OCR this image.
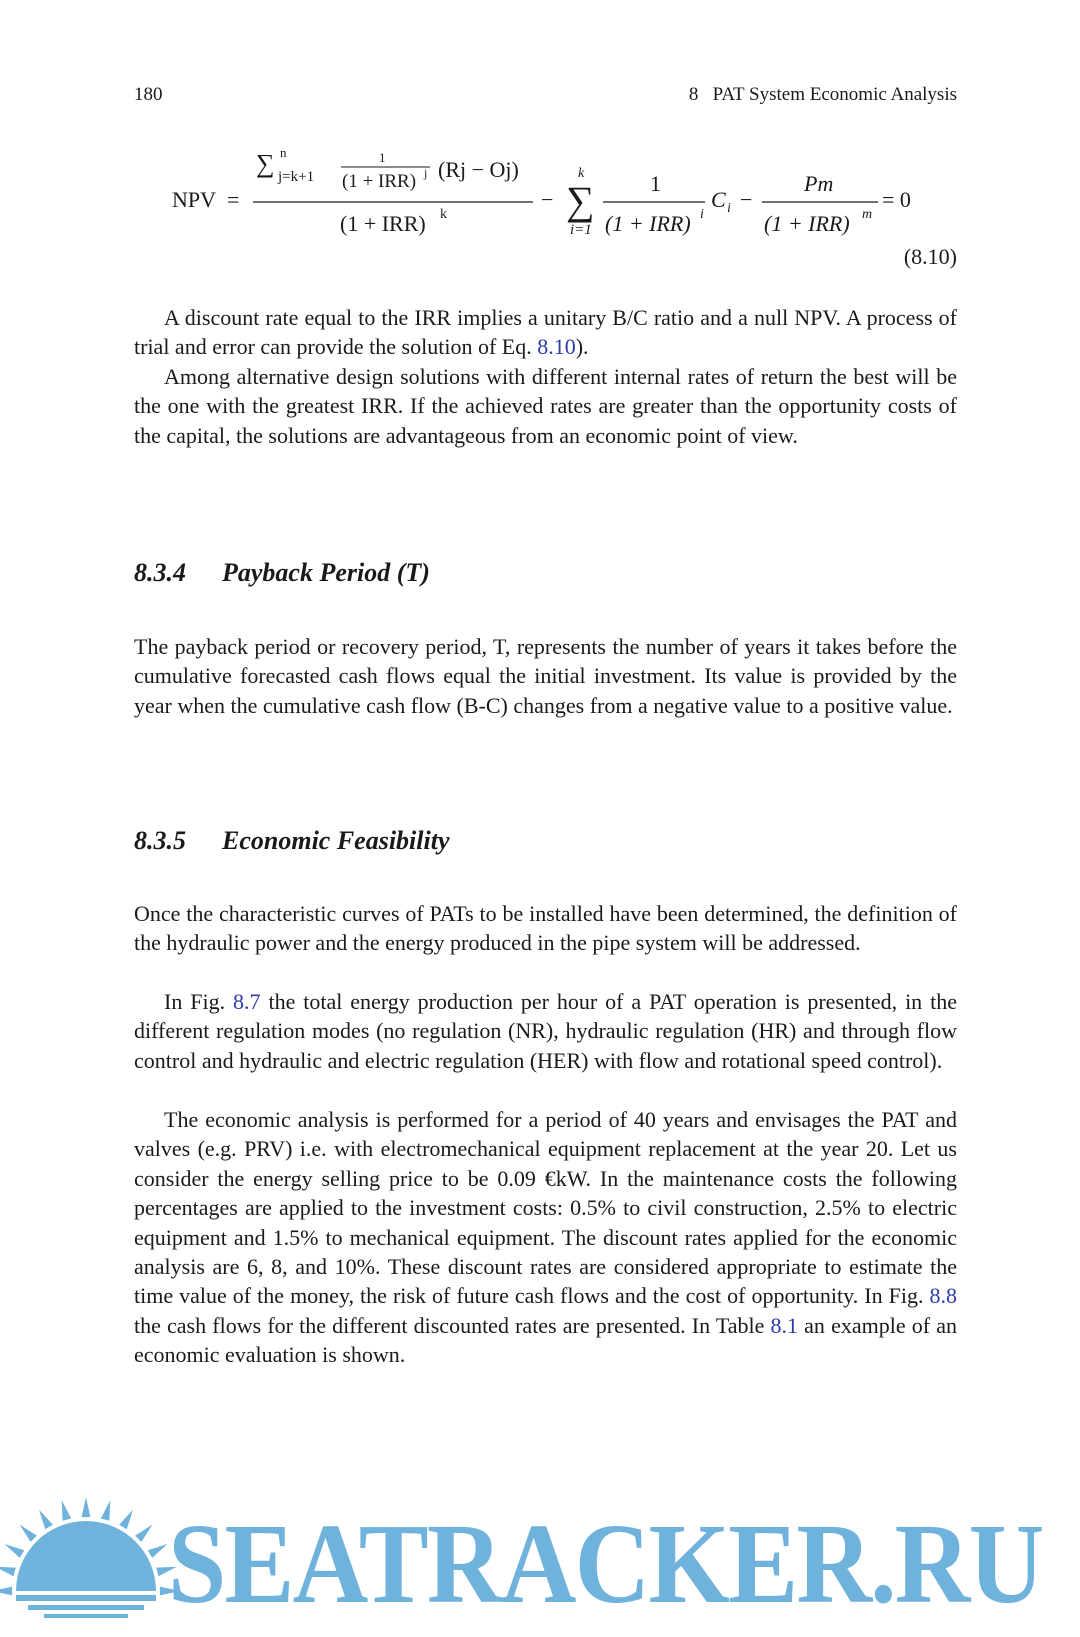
180	8   PAT System Economic Analysis
NPV =
∑ n
j=k+1
1
(1 + IRR) j (Rj − Oj)
(1 + IRR) k
− ∑
k
i=1
1
(1 + IRR) i
C i −
Pm
(1 + IRR) m
= 0
(8.10)

A discount rate equal to the IRR implies a unitary B/C ratio and a null NPV. A process of trial and error can provide the solution of Eq. 8.10).

Among alternative design solutions with different internal rates of return the best will be the one with the greatest IRR. If the achieved rates are greater than the opportunity costs of the capital, the solutions are advantageous from an economic point of view.

8.3.4 Payback Period (T)

The payback period or recovery period, T, represents the number of years it takes before the cumulative forecasted cash flows equal the initial investment. Its value is provided by the year when the cumulative cash flow (B-C) changes from a negative value to a positive value.

8.3.5 Economic Feasibility

Once the characteristic curves of PATs to be installed have been determined, the definition of the hydraulic power and the energy produced in the pipe system will be addressed.

In Fig. 8.7 the total energy production per hour of a PAT operation is presented, in the different regulation modes (no regulation (NR), hydraulic regulation (HR) and through flow control and hydraulic and electric regulation (HER) with flow and rotational speed control).

The economic analysis is performed for a period of 40 years and envisages the PAT and valves (e.g. PRV) i.e. with electromechanical equipment replacement at the year 20. Let us consider the energy selling price to be 0.09 €kW. In the maintenance costs the following percentages are applied to the investment costs: 0.5% to civil construction, 2.5% to electric equipment and 1.5% to mechanical equipment. The discount rates applied for the economic analysis are 6, 8, and 10%. These discount rates are considered appropriate to estimate the time value of the money, the risk of future cash flows and the cost of opportunity. In Fig. 8.8 the cash flows for the different discounted rates are presented. In Table 8.1 an example of an economic evaluation is shown.

SEATRACKER.RU
